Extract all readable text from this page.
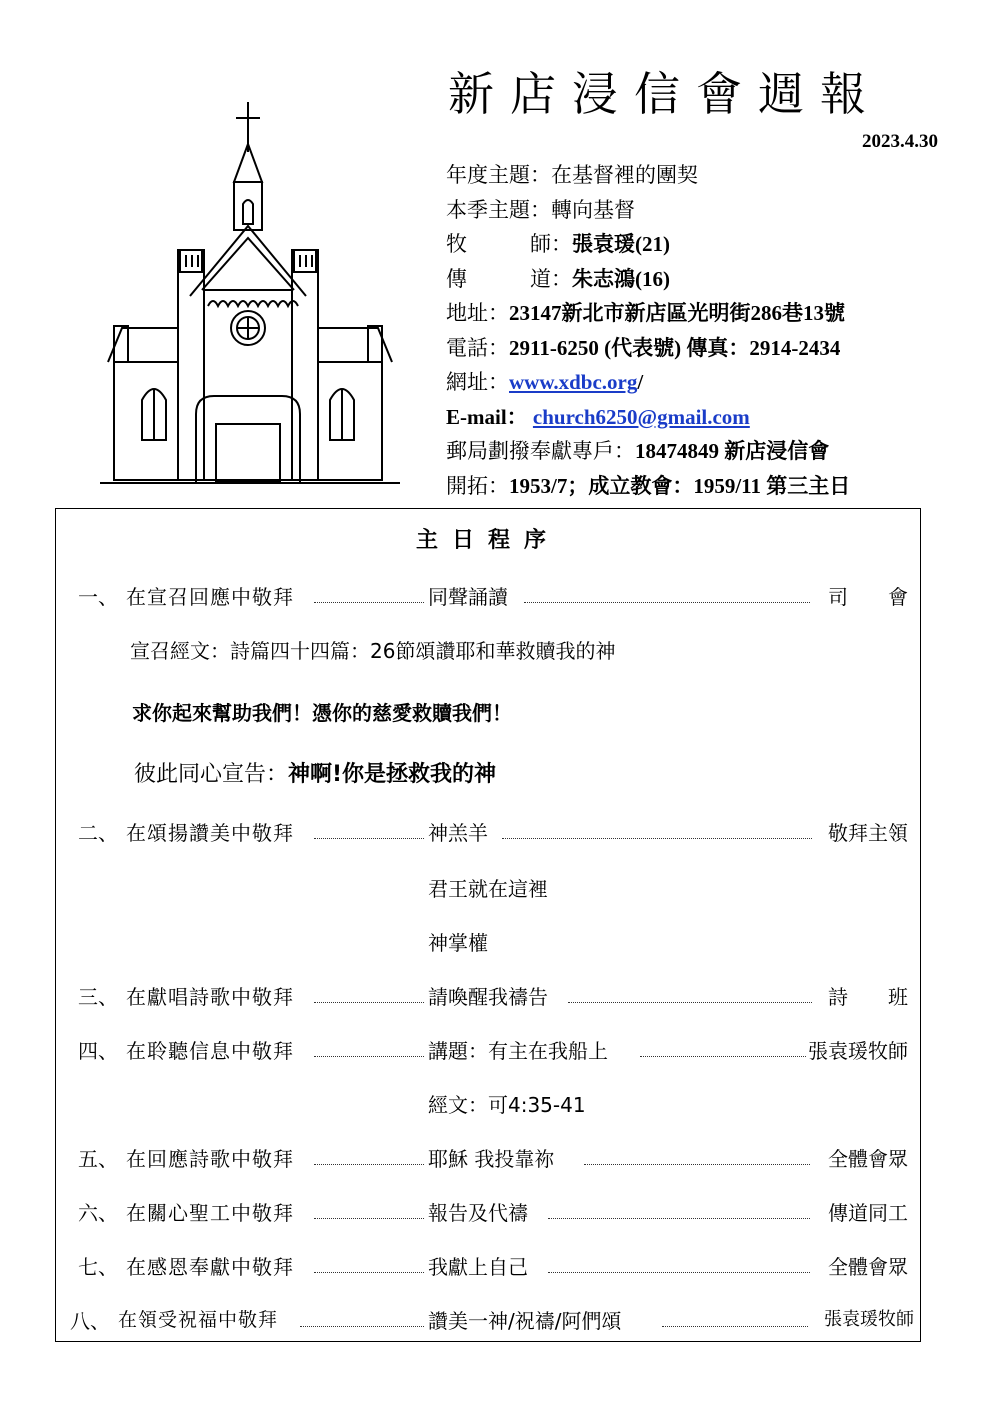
新店浸信會週報
2023.4.30
年度主題：在基督裡的團契
本季主題：轉向基督
牧	師：張袁瑗(21)
傳	道：朱志鴻(16)
地址：23147新北市新店區光明街286巷13號
電話：2911-6250 (代表號) 傳真：2914-2434
網址：www.xdbc.org/
E-mail： church6250@gmail.com
郵局劃撥奉獻專戶：18474849 新店浸信會
開拓：1953/7；成立教會：1959/11 第三主日
主日程序
一、 在宣召回應中敬拜	同聲誦讀	司　　會
宣召經文：詩篇四十四篇：26節頌讚耶和華救贖我的神
求你起來幫助我們！憑你的慈愛救贖我們！
彼此同心宣告：神啊!你是拯救我的神
二、 在頌揚讚美中敬拜	神羔羊	敬拜主領
君王就在這裡
神掌權
三、 在獻唱詩歌中敬拜	請喚醒我禱告	詩　　班
四、 在聆聽信息中敬拜	講題：有主在我船上	張袁瑗牧師
經文：可4:35-41
五、 在回應詩歌中敬拜	耶穌 我投靠祢	全體會眾
六、 在關心聖工中敬拜	報告及代禱	傳道同工
七、 在感恩奉獻中敬拜	我獻上自己	全體會眾
八、 在領受祝福中敬拜	讚美一神/祝禱/阿們頌	張袁瑗牧師
